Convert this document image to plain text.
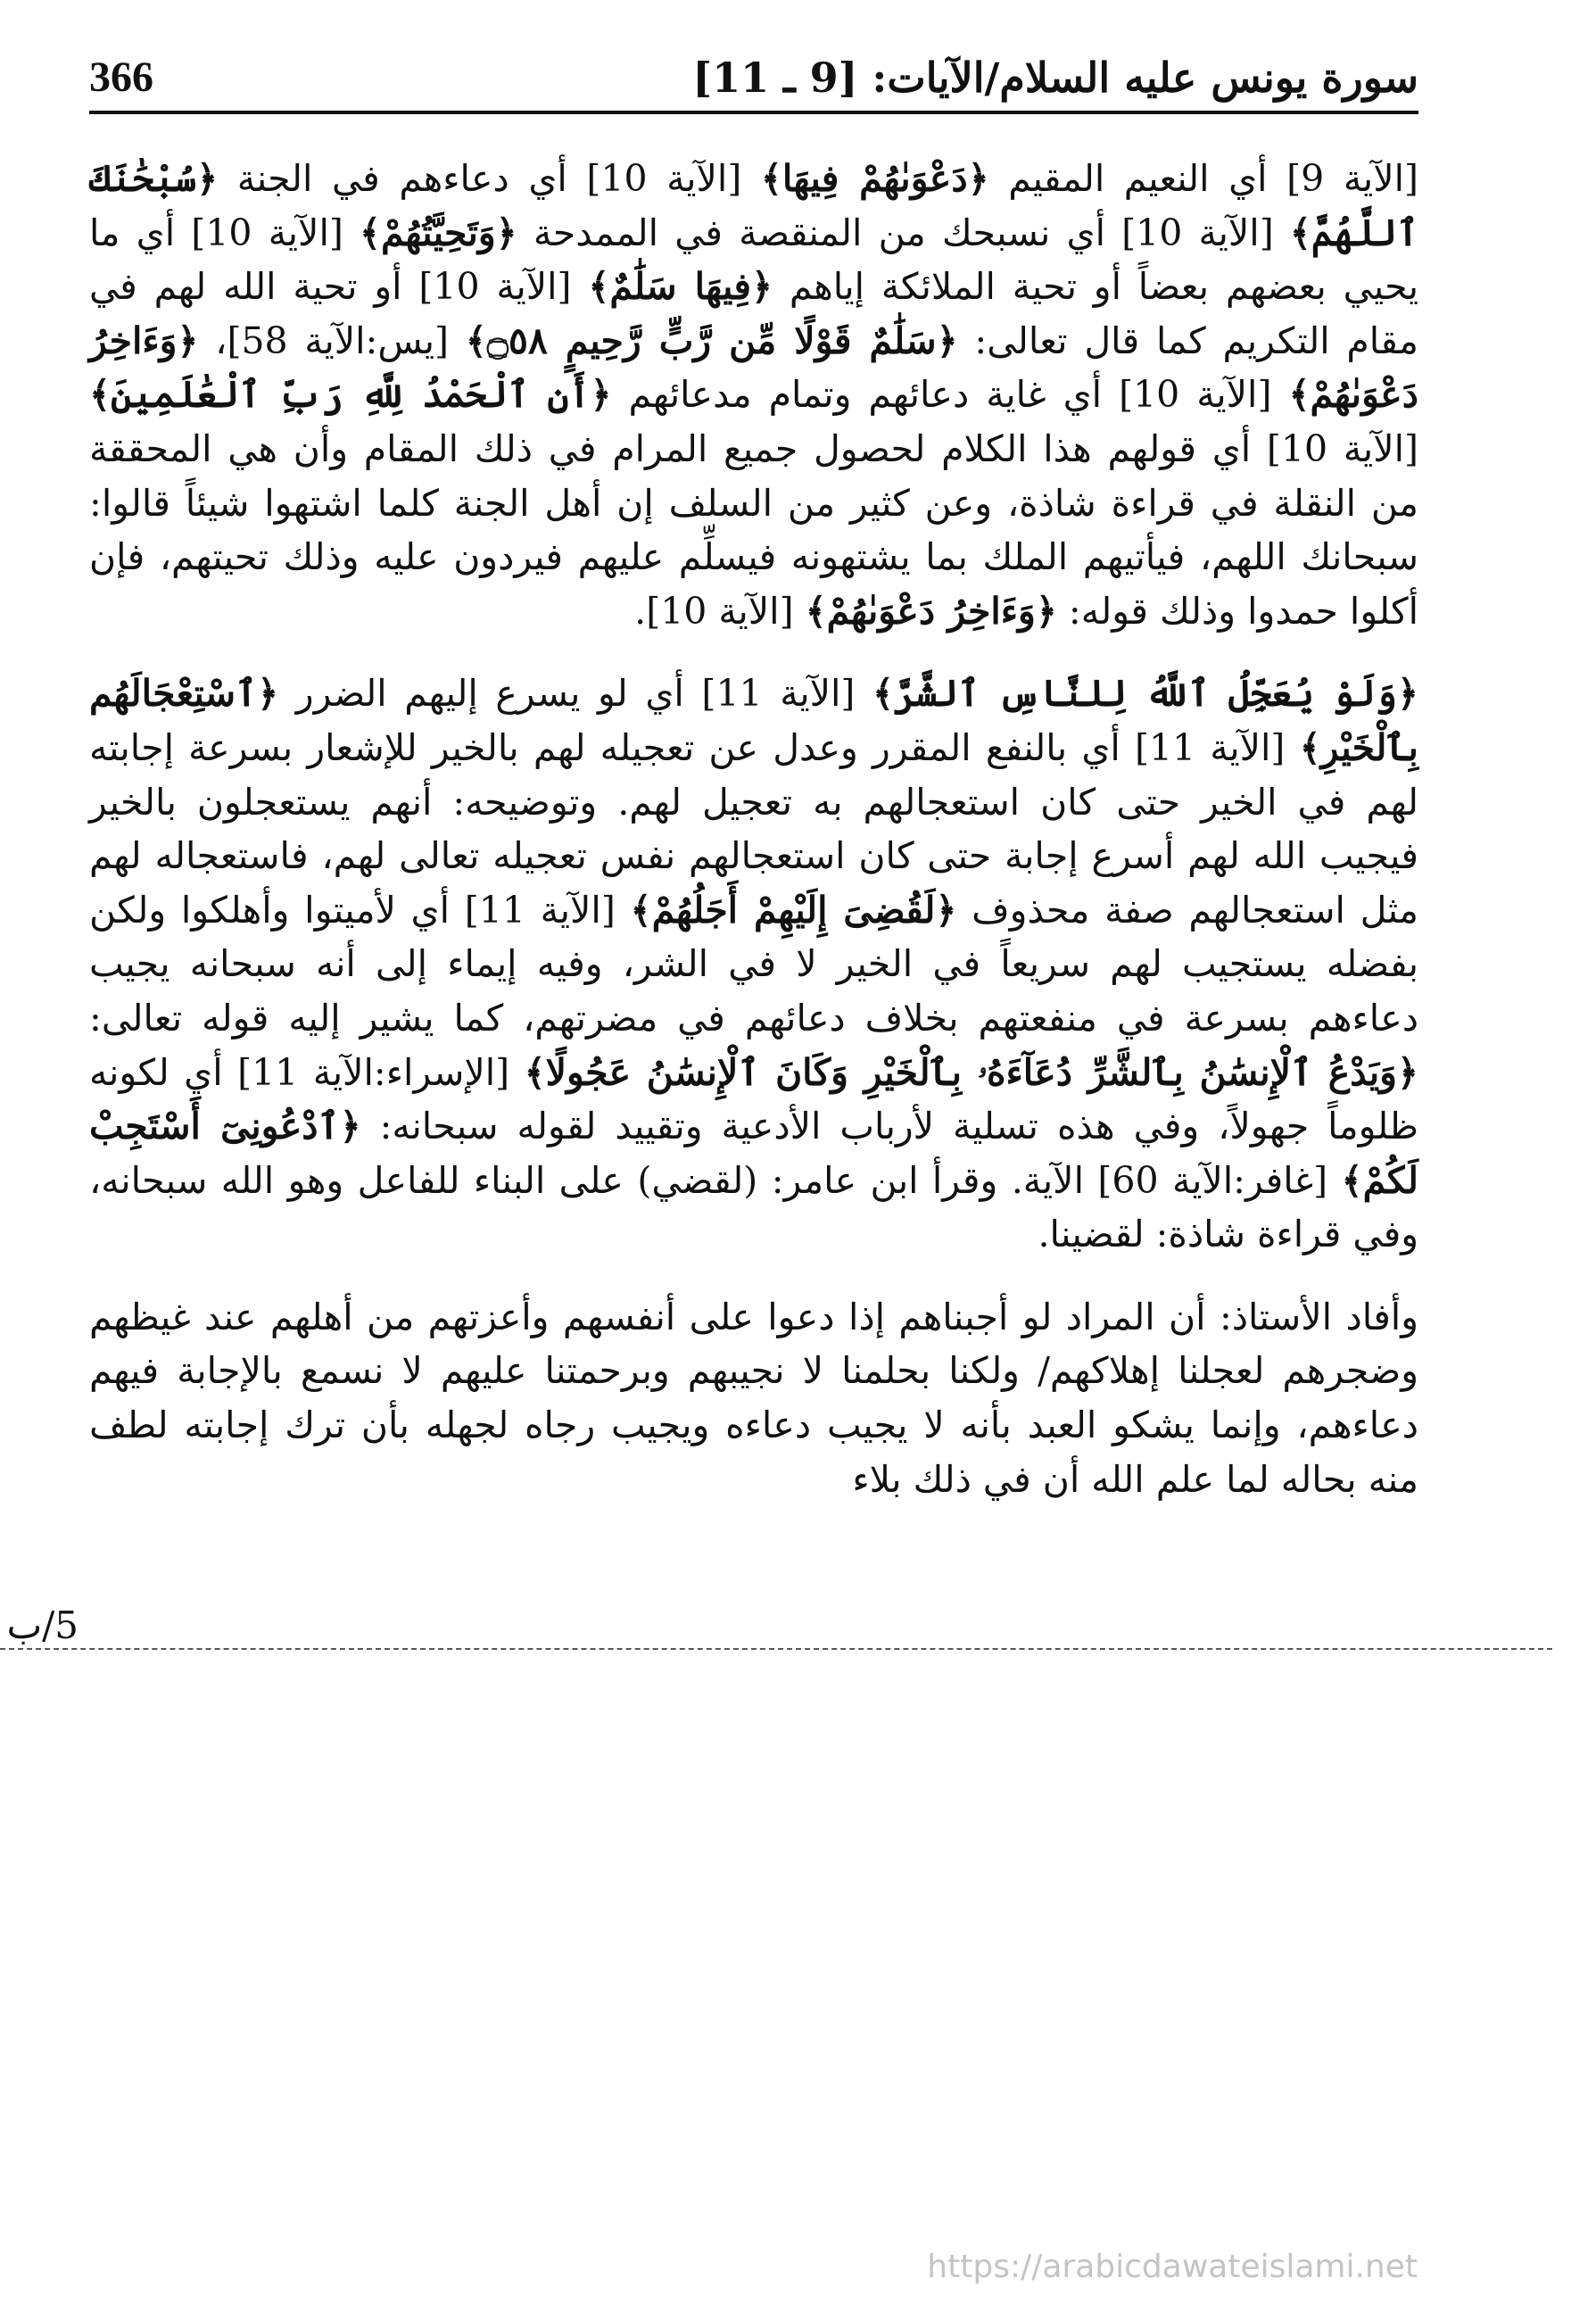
سورة يونس عليه السلام/الآيات: [9 ـ 11]
366

[الآية 9] أي النعيم المقيم ﴿دَعْوَىٰهُمْ فِيهَا﴾ [الآية 10] أي دعاءهم في الجنة ﴿سُبْحَٰنَكَ ٱللَّهُمَّ﴾ [الآية 10] أي نسبحك من المنقصة في الممدحة ﴿وَتَحِيَّتُهُمْ﴾ [الآية 10] أي ما يحيي بعضهم بعضاً أو تحية الملائكة إياهم ﴿فِيهَا سَلَٰمٌ﴾ [الآية 10] أو تحية الله لهم في مقام التكريم كما قال تعالى: ﴿سَلَٰمٌ قَوْلًا مِّن رَّبٍّ رَّحِيمٍ ۝٥٨﴾ [يس:الآية 58]، ﴿وَءَاخِرُ دَعْوَىٰهُمْ﴾ [الآية 10] أي غاية دعائهم وتمام مدعائهم ﴿أَنِ ٱلْحَمْدُ لِلَّهِ رَبِّ ٱلْعَٰلَمِينَ﴾ [الآية 10] أي قولهم هذا الكلام لحصول جميع المرام في ذلك المقام وأن هي المحققة من النقلة في قراءة شاذة، وعن كثير من السلف إن أهل الجنة كلما اشتهوا شيئاً قالوا: سبحانك اللهم، فيأتيهم الملك بما يشتهونه فيسلِّم عليهم فيردون عليه وذلك تحيتهم، فإن أكلوا حمدوا وذلك قوله: ﴿وَءَاخِرُ دَعْوَىٰهُمْ﴾ [الآية 10].

﴿وَلَوْ يُعَجِّلُ ٱللَّهُ لِلنَّاسِ ٱلشَّرَّ﴾ [الآية 11] أي لو يسرع إليهم الضرر ﴿ٱسْتِعْجَالَهُم بِٱلْخَيْرِ﴾ [الآية 11] أي بالنفع المقرر وعدل عن تعجيله لهم بالخير للإشعار بسرعة إجابته لهم في الخير حتى كان استعجالهم به تعجيل لهم. وتوضيحه: أنهم يستعجلون بالخير فيجيب الله لهم أسرع إجابة حتى كان استعجالهم نفس تعجيله تعالى لهم، فاستعجاله لهم مثل استعجالهم صفة محذوف ﴿لَقُضِىَ إِلَيْهِمْ أَجَلُهُمْ﴾ [الآية 11] أي لأميتوا وأهلكوا ولكن بفضله يستجيب لهم سريعاً في الخير لا في الشر، وفيه إيماء إلى أنه سبحانه يجيب دعاءهم بسرعة في منفعتهم بخلاف دعائهم في مضرتهم، كما يشير إليه قوله تعالى: ﴿وَيَدْعُ ٱلْإِنسَٰنُ بِٱلشَّرِّ دُعَآءَهُۥ بِٱلْخَيْرِ وَكَانَ ٱلْإِنسَٰنُ عَجُولًا﴾ [الإسراء:الآية 11] أي لكونه ظلوماً جهولاً، وفي هذه تسلية لأرباب الأدعية وتقييد لقوله سبحانه: ﴿ٱدْعُونِىٓ أَسْتَجِبْ لَكُمْ﴾ [غافر:الآية 60] الآية. وقرأ ابن عامر: (لقضي) على البناء للفاعل وهو الله سبحانه، وفي قراءة شاذة: لقضينا.

وأفاد الأستاذ: أن المراد لو أجبناهم إذا دعوا على أنفسهم وأعزتهم من أهلهم عند غيظهم وضجرهم لعجلنا إهلاكهم/ ولكنا بحلمنا لا نجيبهم وبرحمتنا عليهم لا نسمع بالإجابة فيهم دعاءهم، وإنما يشكو العبد بأنه لا يجيب دعاءه ويجيب رجاه لجهله بأن ترك إجابته لطف منه بحاله لما علم الله أن في ذلك بلاء

5/ب
https://arabicdawateislami.net
